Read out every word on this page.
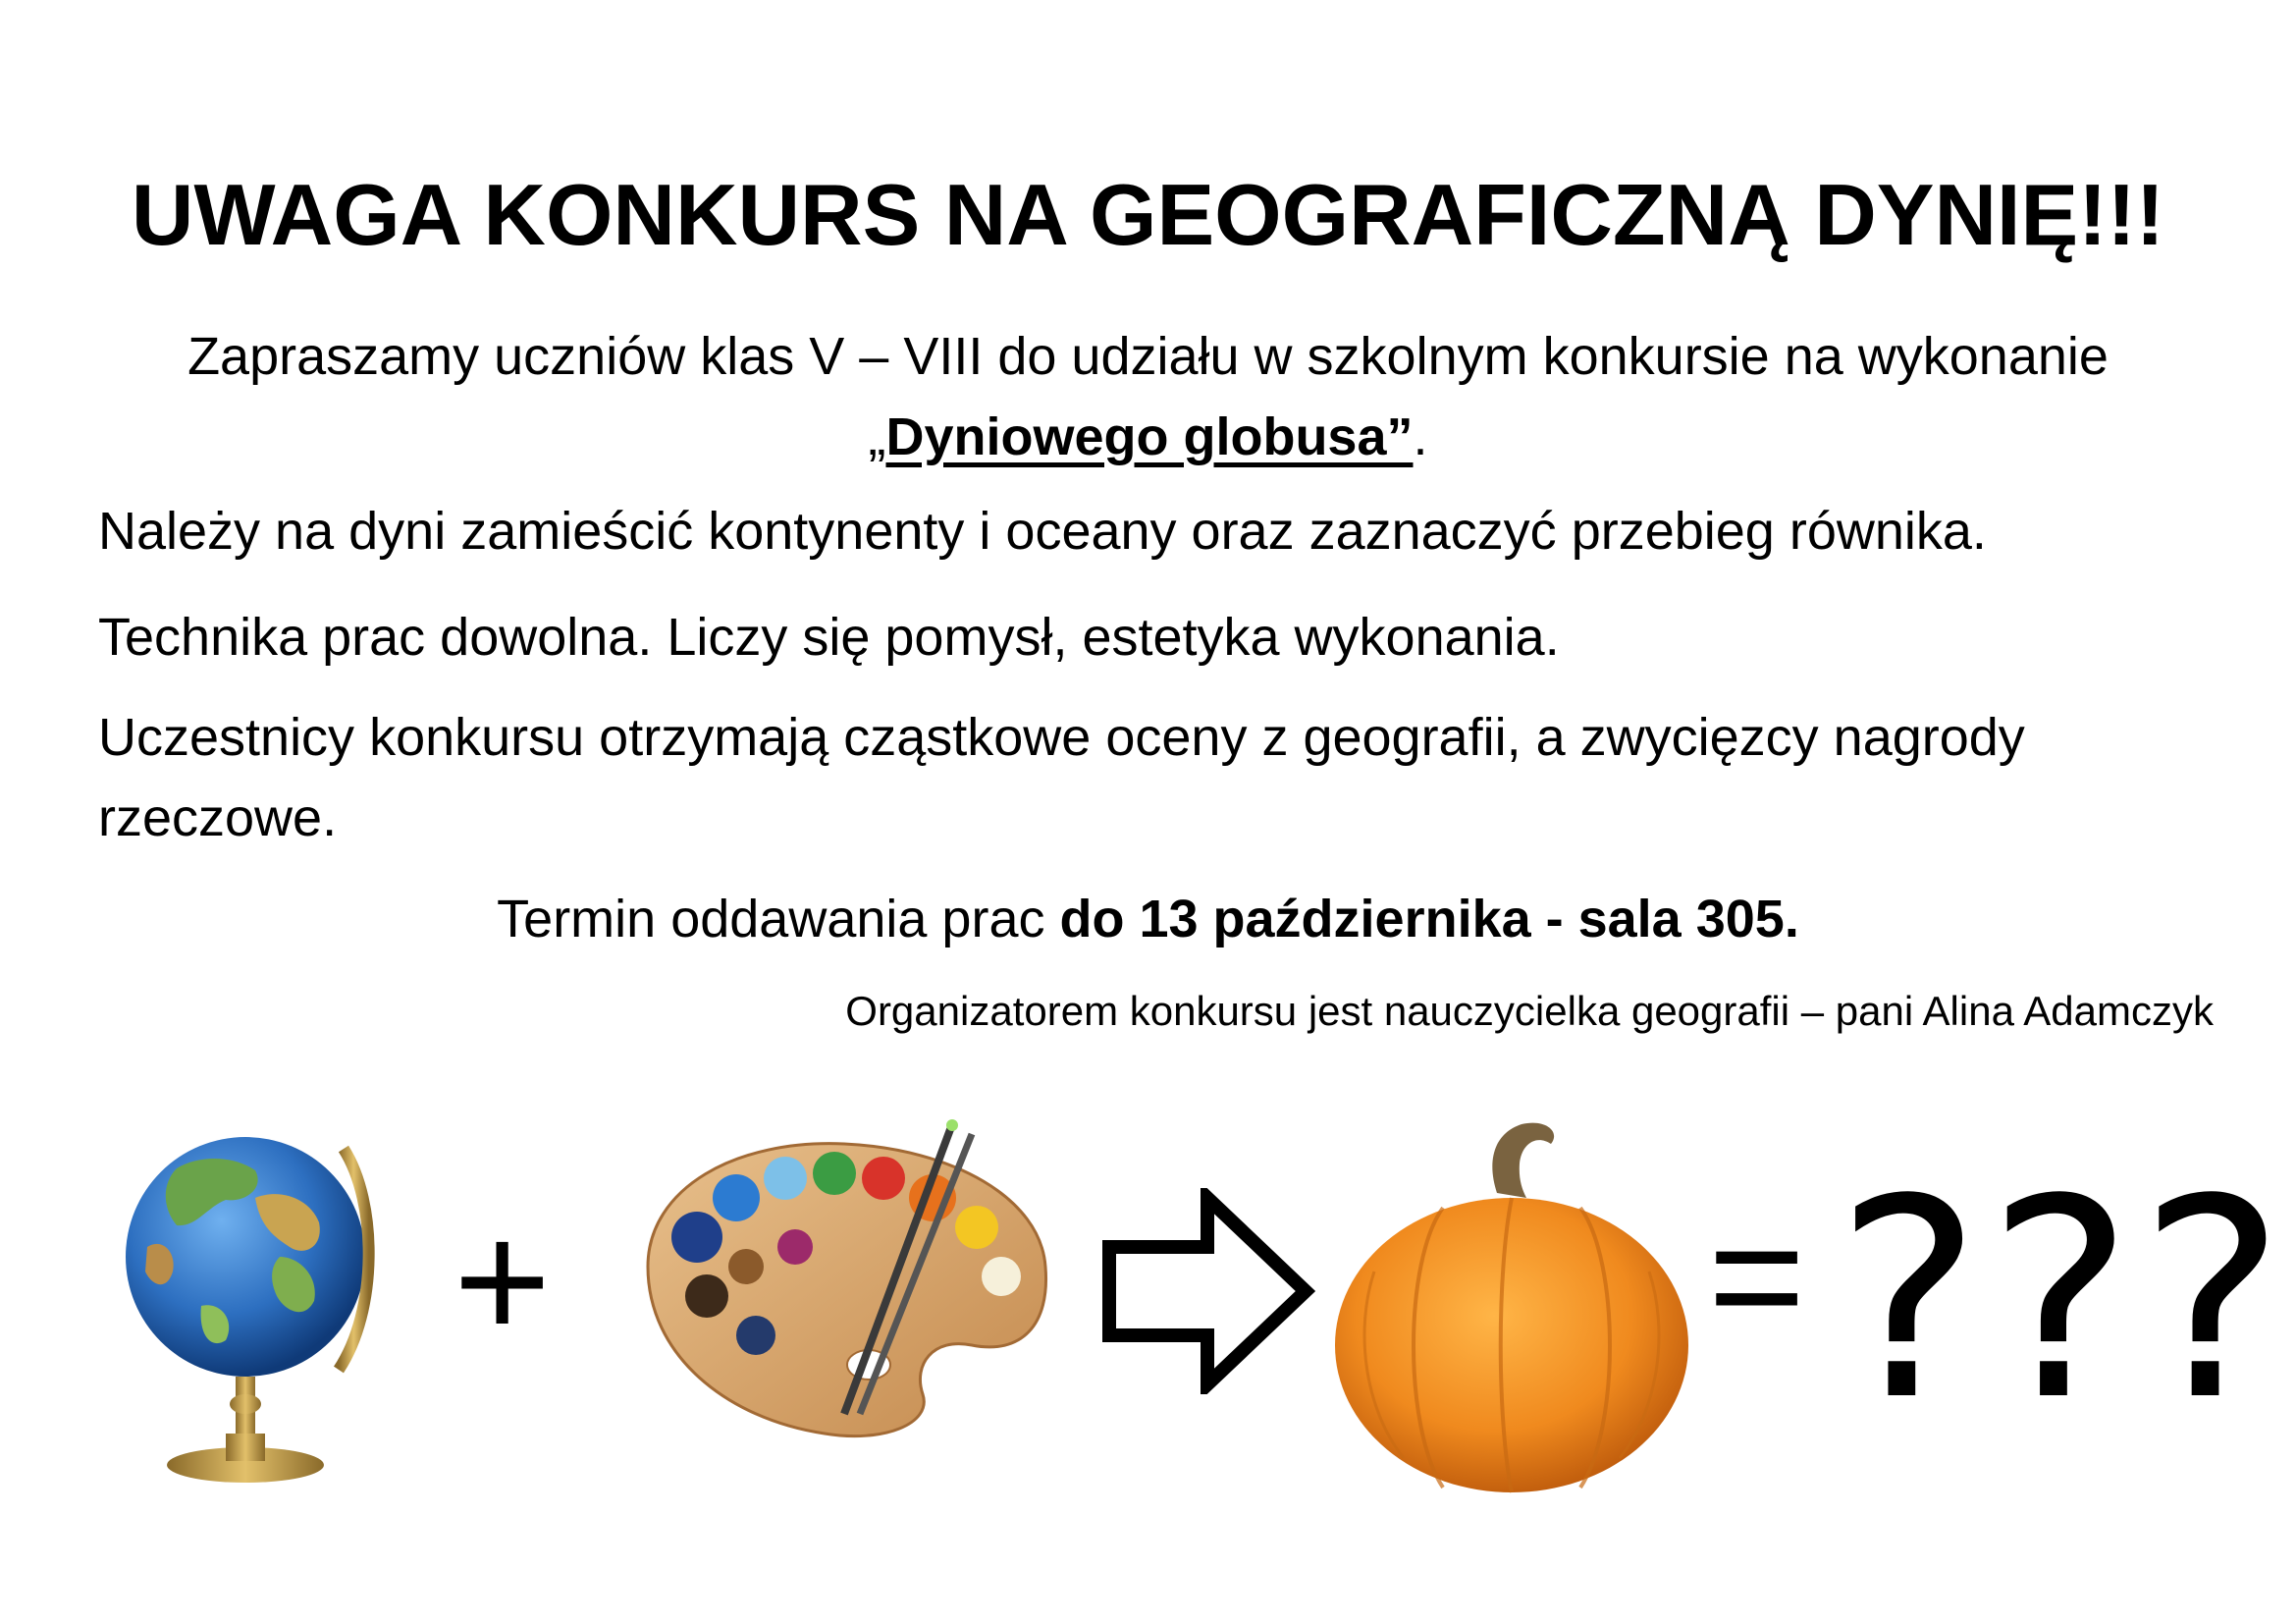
UWAGA KONKURS NA GEOGRAFICZNĄ DYNIĘ!!!
Zapraszamy uczniów klas V – VIII do udziału w szkolnym konkursie na wykonanie
„Dyniowego globusa”.
Należy na dyni zamieścić kontynenty i oceany oraz zaznaczyć przebieg równika.
Technika prac dowolna. Liczy się pomysł, estetyka wykonania.
Uczestnicy konkursu otrzymają cząstkowe oceny z geografii, a zwycięzcy nagrody rzeczowe.
Termin oddawania prac do 13 października - sala 305.
Organizatorem konkursu jest nauczycielka geografii – pani Alina Adamczyk
+	= ???
